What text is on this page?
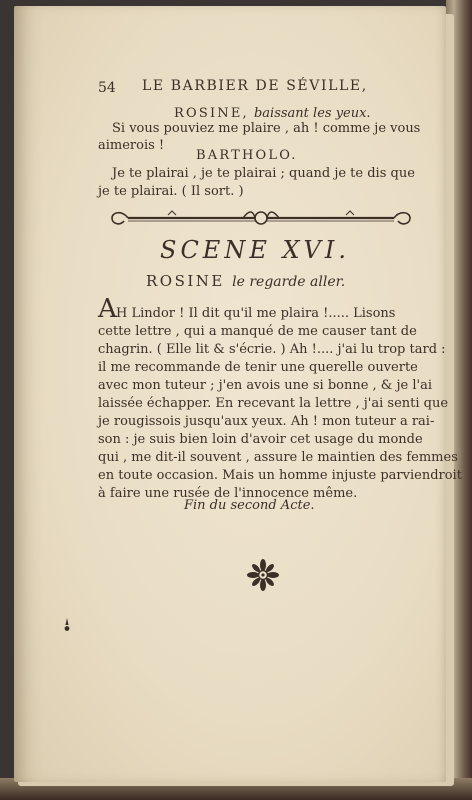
54 LE BARBIER DE SÉVILLE,
ROSINE, baissant les yeux.
Si vous pouviez me plaire , ah ! comme je vous
aimerois !
BARTHOLO.
Je te plairai , je te plairai ; quand je te dis que
je te plairai. ( Il sort. )
SCENE XVI.
ROSINE le regarde aller.
A H Lindor ! Il dit qu'il me plaira !..... Lisons
cette lettre , qui a manqué de me causer tant de
chagrin. ( Elle lit & s'écrie. ) Ah !.... j'ai lu trop tard :
il me recommande de tenir une querelle ouverte
avec mon tuteur ; j'en avois une si bonne , & je l'ai
laissée échapper. En recevant la lettre , j'ai senti que
je rougissois jusqu'aux yeux. Ah ! mon tuteur a rai-
son : je suis bien loin d'avoir cet usage du monde
qui , me dit-il souvent , assure le maintien des femmes
en toute occasion. Mais un homme injuste parviendroit
à faire une rusée de l'innocence même.
Fin du second Acte.
